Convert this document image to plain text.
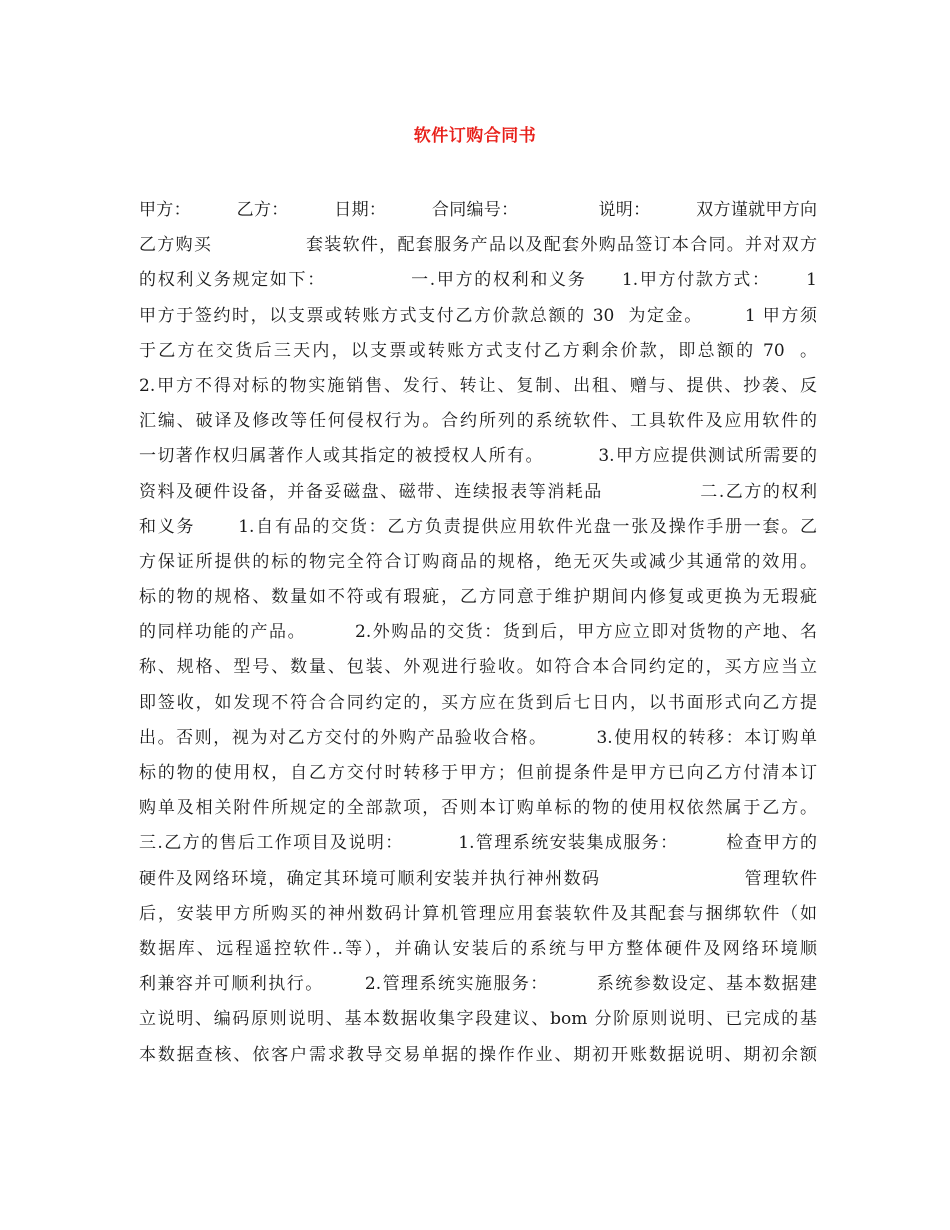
软件订购合同书
甲方：        乙方：        日期：        合同编号：              说明：        双方谨就甲方向
乙方购买              套装软件，配套服务产品以及配套外购品签订本合同。并对双方
的权利义务规定如下：            一.甲方的权利和义务     1.甲方付款方式：     1
甲方于签约时，以支票或转账方式支付乙方价款总额的 30  为定金。      1 甲方须
于乙方在交货后三天内，以支票或转账方式支付乙方剩余价款，即总额的 70  。
2.甲方不得对标的物实施销售、发行、转让、复制、出租、赠与、提供、抄袭、反
汇编、破译及修改等任何侵权行为。合约所列的系统软件、工具软件及应用软件的
一切著作权归属著作人或其指定的被授权人所有。        3.甲方应提供测试所需要的
资料及硬件设备，并备妥磁盘、磁带、连续报表等消耗品              二.乙方的权利
和义务      1.自有品的交货：乙方负责提供应用软件光盘一张及操作手册一套。乙
方保证所提供的标的物完全符合订购商品的规格，绝无灭失或减少其通常的效用。
标的物的规格、数量如不符或有瑕疵，乙方同意于维护期间内修复或更换为无瑕疵
的同样功能的产品。       2.外购品的交货：货到后，甲方应立即对货物的产地、名
称、规格、型号、数量、包装、外观进行验收。如符合本合同约定的，买方应当立
即签收，如发现不符合合同约定的，买方应在货到后七日内，以书面形式向乙方提
出。否则，视为对乙方交付的外购产品验收合格。       3.使用权的转移：本订购单
标的物的使用权，自乙方交付时转移于甲方；但前提条件是甲方已向乙方付清本订
购单及相关附件所规定的全部款项，否则本订购单标的物的使用权依然属于乙方。
三.乙方的售后工作项目及说明：        1.管理系统安装集成服务：       检查甲方的
硬件及网络环境，确定其环境可顺利安装并执行神州数码                     管理软件
后，安装甲方所购买的神州数码计算机管理应用套装软件及其配套与捆绑软件（如
数据库、远程遥控软件..等），并确认安装后的系统与甲方整体硬件及网络环境顺
利兼容并可顺利执行。      2.管理系统实施服务：       系统参数设定、基本数据建
立说明、编码原则说明、基本数据收集字段建议、bom 分阶原则说明、已完成的基
本数据查核、依客户需求教导交易单据的操作作业、期初开账数据说明、期初余额
